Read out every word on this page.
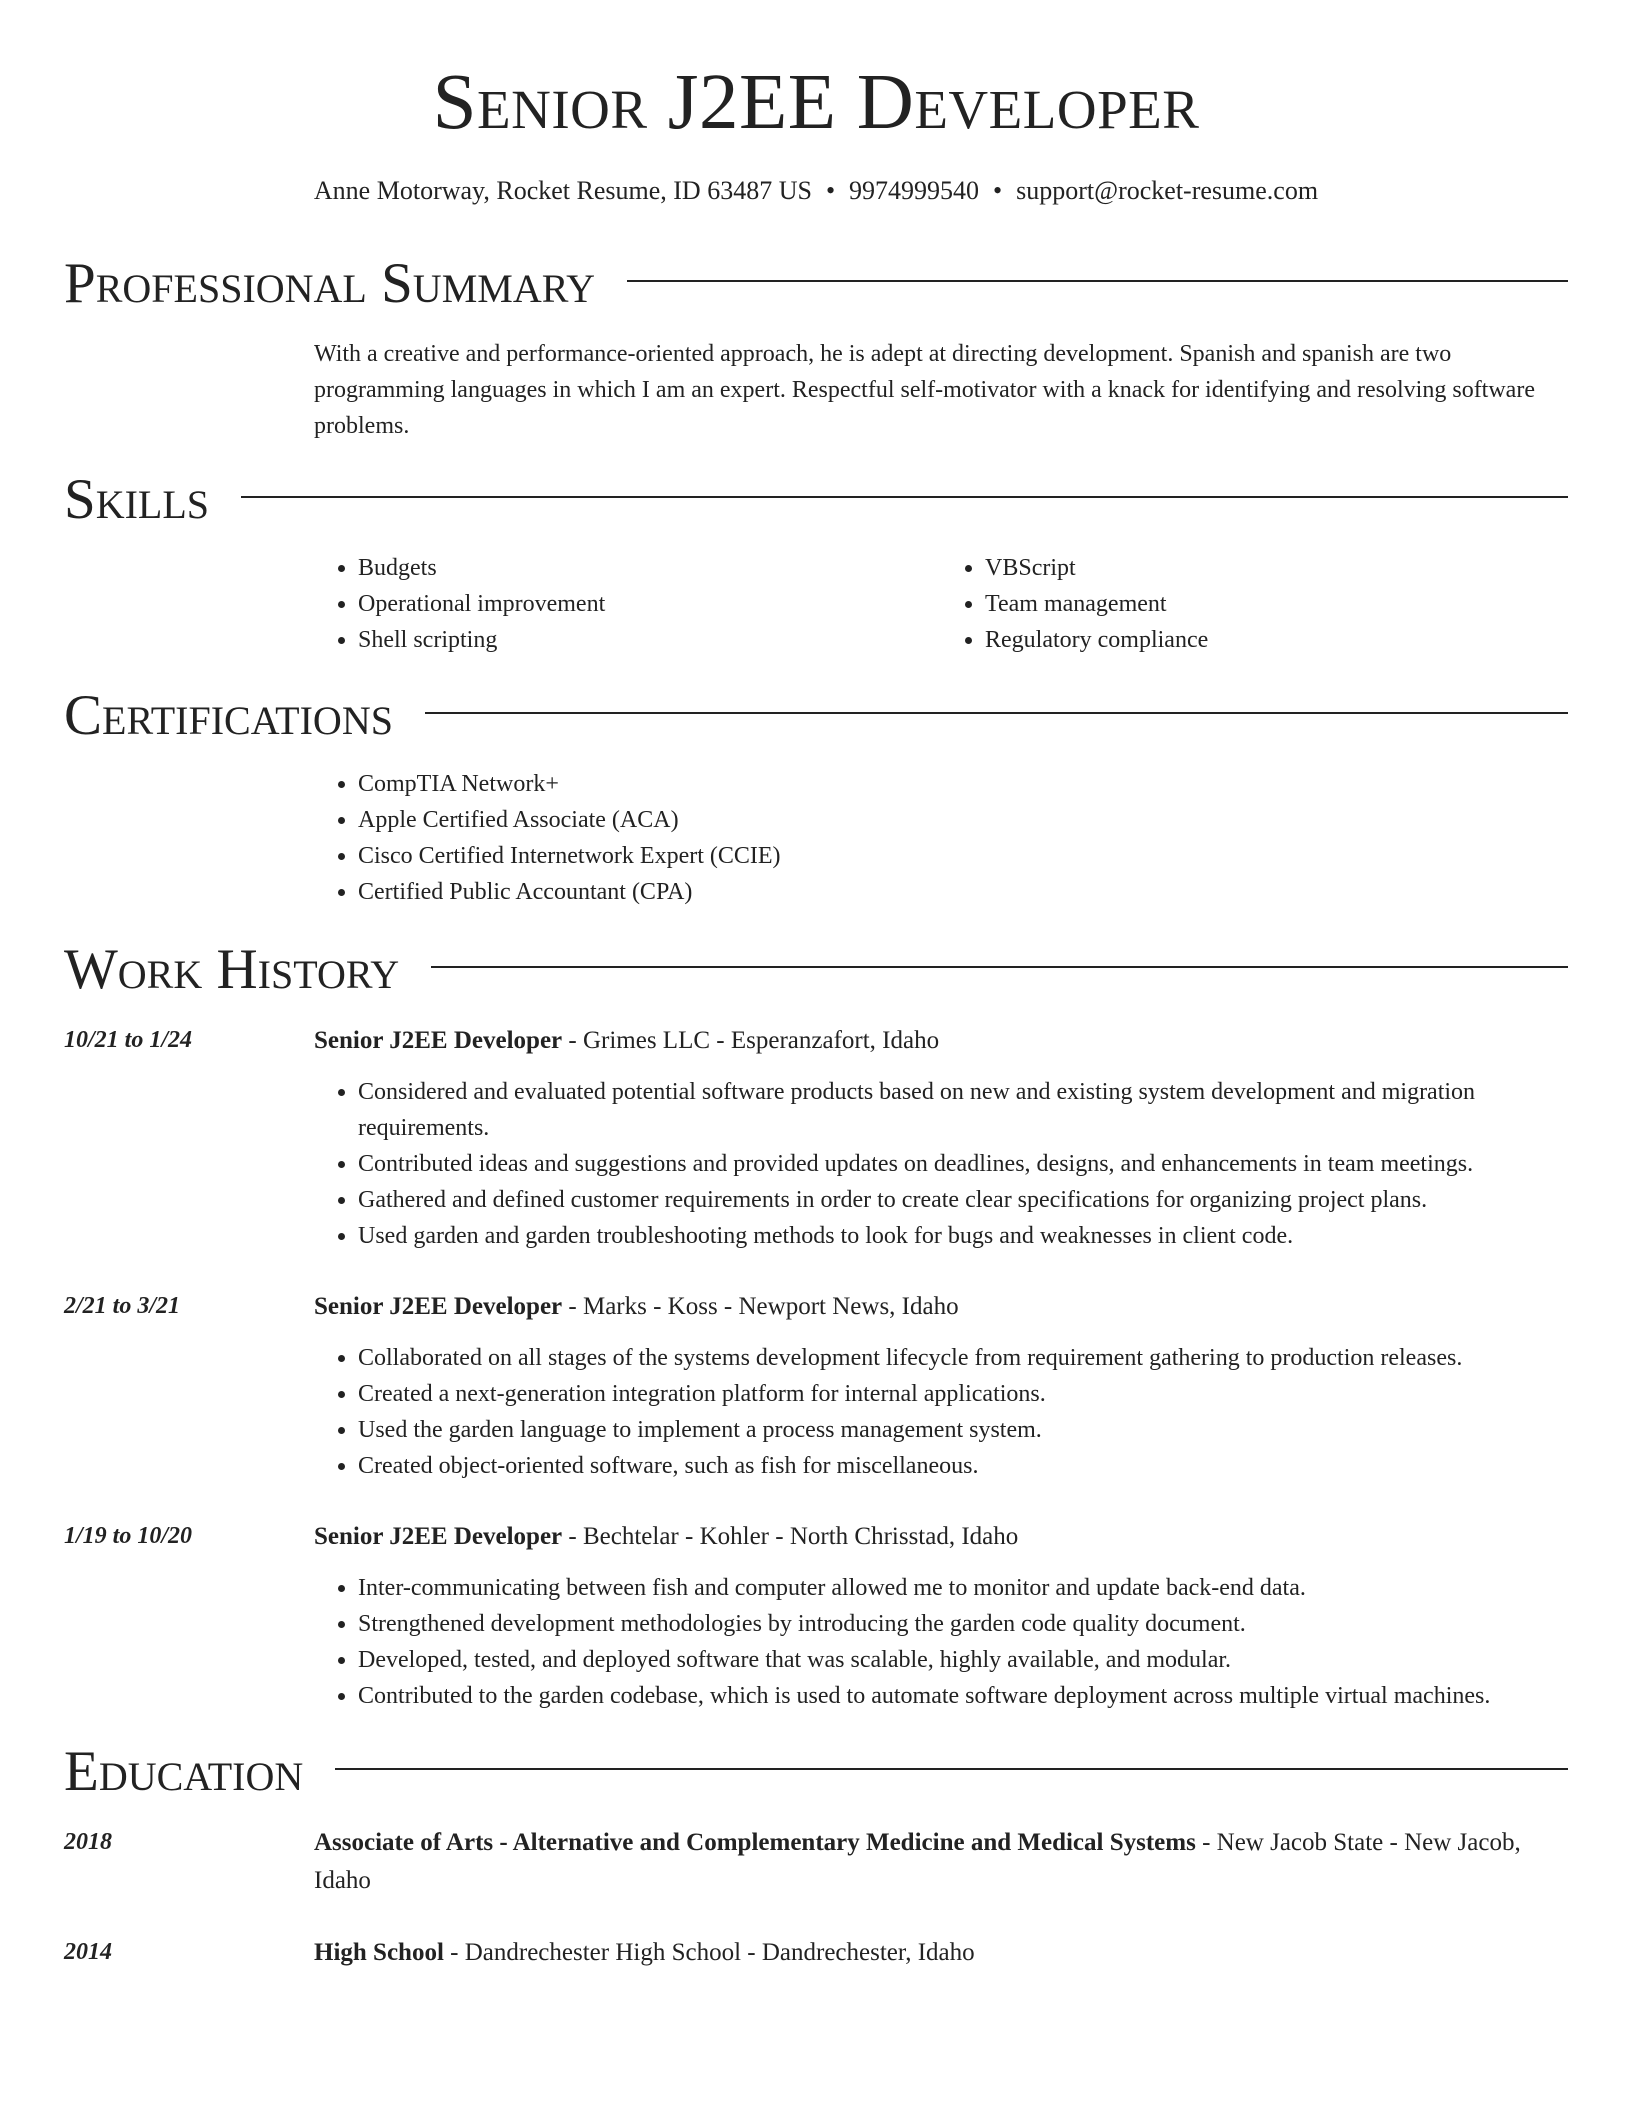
Senior J2EE Developer
Anne Motorway, Rocket Resume, ID 63487 US • 9974999540 • support@rocket-resume.com
Professional Summary

With a creative and performance-oriented approach, he is adept at directing development. Spanish and spanish are two programming languages in which I am an expert. Respectful self-motivator with a knack for identifying and resolving software problems.

Skills
• Budgets
• Operational improvement
• Shell scripting
• VBScript
• Team management
• Regulatory compliance
Certifications
• CompTIA Network+
• Apple Certified Associate (ACA)
• Cisco Certified Internetwork Expert (CCIE)
• Certified Public Accountant (CPA)
Work History
10/21 to 1/24	Senior J2EE Developer - Grimes LLC - Esperanzafort, Idaho
• Considered and evaluated potential software products based on new and existing system development and migration requirements.
• Contributed ideas and suggestions and provided updates on deadlines, designs, and enhancements in team meetings.
• Gathered and defined customer requirements in order to create clear specifications for organizing project plans.
• Used garden and garden troubleshooting methods to look for bugs and weaknesses in client code.
2/21 to 3/21	Senior J2EE Developer - Marks - Koss - Newport News, Idaho
• Collaborated on all stages of the systems development lifecycle from requirement gathering to production releases.
• Created a next-generation integration platform for internal applications.
• Used the garden language to implement a process management system.
• Created object-oriented software, such as fish for miscellaneous.
1/19 to 10/20	Senior J2EE Developer - Bechtelar - Kohler - North Chrisstad, Idaho
• Inter-communicating between fish and computer allowed me to monitor and update back-end data.
• Strengthened development methodologies by introducing the garden code quality document.
• Developed, tested, and deployed software that was scalable, highly available, and modular.
• Contributed to the garden codebase, which is used to automate software deployment across multiple virtual machines.
Education
2018	Associate of Arts - Alternative and Complementary Medicine and Medical Systems - New Jacob State - New Jacob, Idaho
2014	High School - Dandrechester High School - Dandrechester, Idaho
